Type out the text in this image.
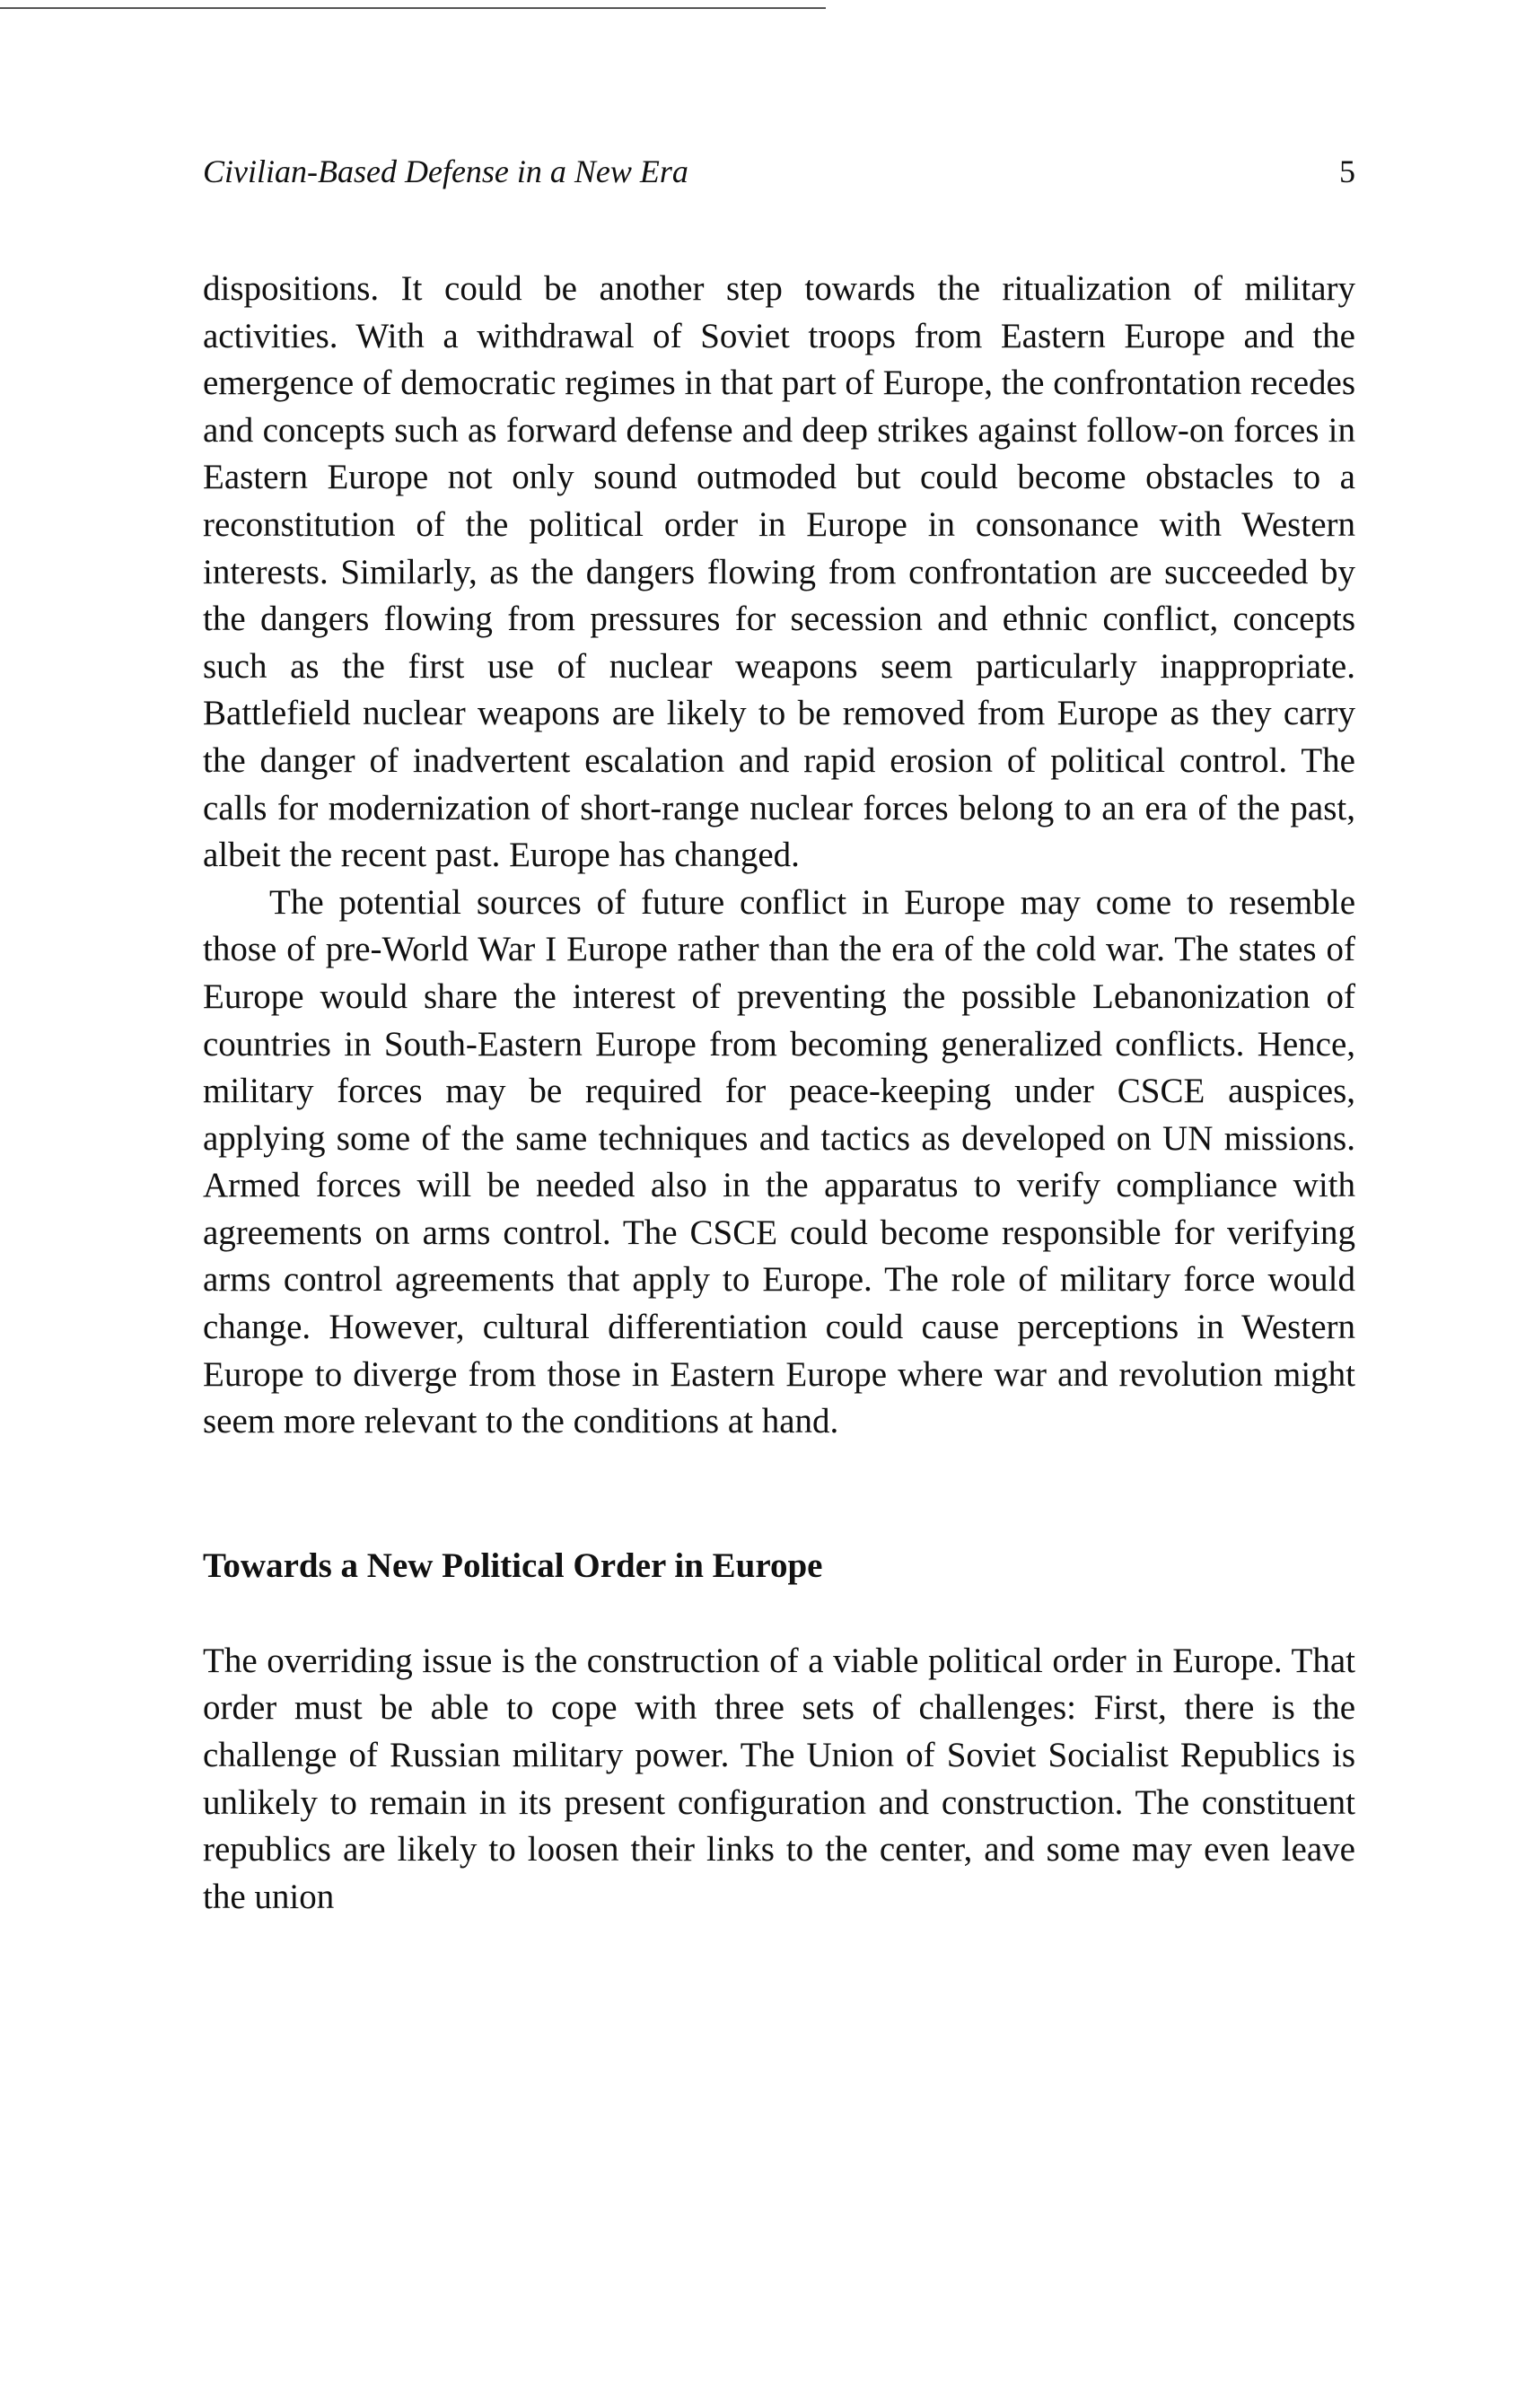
Civilian-Based Defense in a New Era	5

dispositions. It could be another step towards the ritualization of military activities. With a withdrawal of Soviet troops from Eastern Europe and the emergence of democratic regimes in that part of Europe, the confrontation recedes and concepts such as forward defense and deep strikes against follow-on forces in Eastern Europe not only sound outmoded but could become obstacles to a reconstitution of the political order in Europe in consonance with Western interests. Similarly, as the dangers flowing from confrontation are succeeded by the dangers flowing from pressures for secession and ethnic conflict, concepts such as the first use of nuclear weapons seem particularly inappropriate. Battlefield nuclear weapons are likely to be removed from Europe as they carry the danger of inadvertent escalation and rapid erosion of political control. The calls for modernization of short-range nuclear forces belong to an era of the past, albeit the recent past. Europe has changed.

The potential sources of future conflict in Europe may come to resemble those of pre-World War I Europe rather than the era of the cold war. The states of Europe would share the interest of preventing the possible Lebanonization of countries in South-Eastern Europe from becoming generalized conflicts. Hence, military forces may be required for peace-keeping under CSCE auspices, applying some of the same techniques and tactics as developed on UN missions. Armed forces will be needed also in the apparatus to verify compliance with agreements on arms control. The CSCE could become responsible for verifying arms control agreements that apply to Europe. The role of military force would change. However, cultural differentiation could cause perceptions in Western Europe to diverge from those in Eastern Europe where war and revolution might seem more relevant to the conditions at hand.

Towards a New Political Order in Europe

The overriding issue is the construction of a viable political order in Europe. That order must be able to cope with three sets of challenges: First, there is the challenge of Russian military power. The Union of Soviet Socialist Republics is unlikely to remain in its present configuration and construction. The constituent republics are likely to loosen their links to the center, and some may even leave the union
